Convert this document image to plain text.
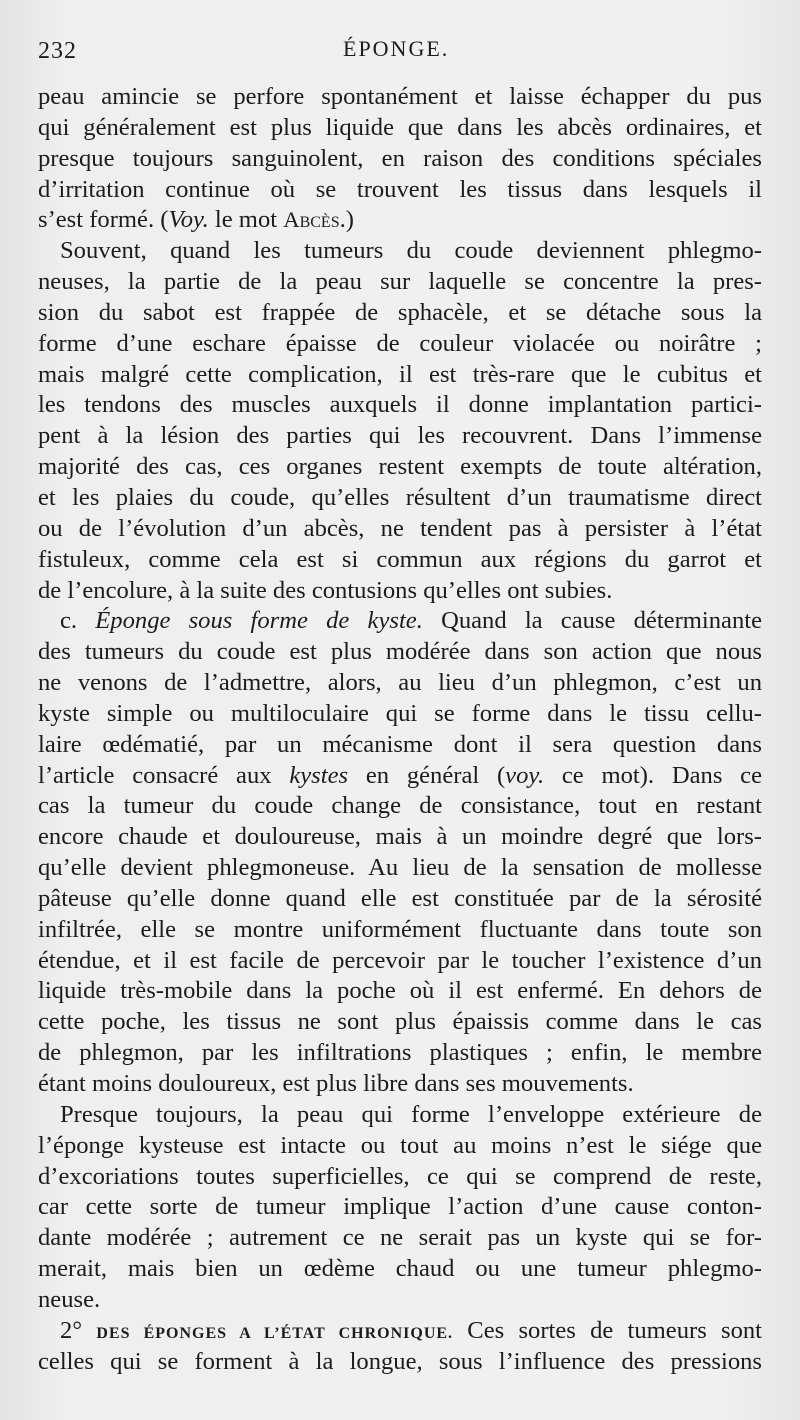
232	ÉPONGE.
peau amincie se perfore spontanément et laisse échapper du pus
qui généralement est plus liquide que dans les abcès ordinaires, et
presque toujours sanguinolent, en raison des conditions spéciales
d’irritation continue où se trouvent les tissus dans lesquels il
s’est formé. (Voy. le mot Abcès.)
Souvent, quand les tumeurs du coude deviennent phlegmo-
neuses, la partie de la peau sur laquelle se concentre la pres-
sion du sabot est frappée de sphacèle, et se détache sous la
forme d’une eschare épaisse de couleur violacée ou noirâtre ;
mais malgré cette complication, il est très-rare que le cubitus et
les tendons des muscles auxquels il donne implantation partici-
pent à la lésion des parties qui les recouvrent. Dans l’immense
majorité des cas, ces organes restent exempts de toute altération,
et les plaies du coude, qu’elles résultent d’un traumatisme direct
ou de l’évolution d’un abcès, ne tendent pas à persister à l’état
fistuleux, comme cela est si commun aux régions du garrot et
de l’encolure, à la suite des contusions qu’elles ont subies.
c. Éponge sous forme de kyste. Quand la cause déterminante
des tumeurs du coude est plus modérée dans son action que nous
ne venons de l’admettre, alors, au lieu d’un phlegmon, c’est un
kyste simple ou multiloculaire qui se forme dans le tissu cellu-
laire œdématié, par un mécanisme dont il sera question dans
l’article consacré aux kystes en général (voy. ce mot). Dans ce
cas la tumeur du coude change de consistance, tout en restant
encore chaude et douloureuse, mais à un moindre degré que lors-
qu’elle devient phlegmoneuse. Au lieu de la sensation de mollesse
pâteuse qu’elle donne quand elle est constituée par de la sérosité
infiltrée, elle se montre uniformément fluctuante dans toute son
étendue, et il est facile de percevoir par le toucher l’existence d’un
liquide très-mobile dans la poche où il est enfermé. En dehors de
cette poche, les tissus ne sont plus épaissis comme dans le cas
de phlegmon, par les infiltrations plastiques ; enfin, le membre
étant moins douloureux, est plus libre dans ses mouvements.
Presque toujours, la peau qui forme l’enveloppe extérieure de
l’éponge kysteuse est intacte ou tout au moins n’est le siége que
d’excoriations toutes superficielles, ce qui se comprend de reste,
car cette sorte de tumeur implique l’action d’une cause conton-
dante modérée ; autrement ce ne serait pas un kyste qui se for-
merait, mais bien un œdème chaud ou une tumeur phlegmo-
neuse.
2° DES ÉPONGES A L’ÉTAT CHRONIQUE. Ces sortes de tumeurs sont
celles qui se forment à la longue, sous l’influence des pressions
